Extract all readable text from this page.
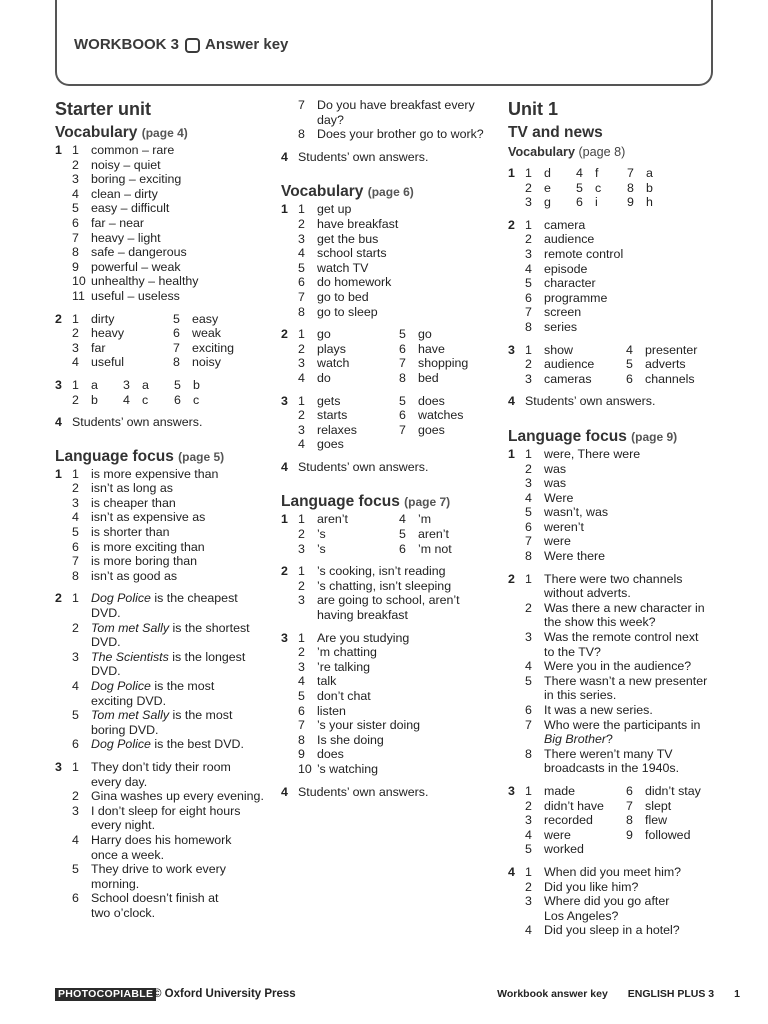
WORKBOOK 3 Answer key
Starter unit
Vocabulary (page 4)
1 1 common – rare
2 noisy – quiet
3 boring – exciting
4 clean – dirty
5 easy – difficult
6 far – near
7 heavy – light
8 safe – dangerous
9 powerful – weak
10 unhealthy – healthy
11 useful – useless
2 1 dirty	5 easy
2 heavy	6 weak
3 far	7 exciting
4 useful	8 noisy
3 1 a	3 a	5 b
2 b	4 c	6 c
4 Students’ own answers.
Language focus (page 5)
1 1 is more expensive than
2 isn’t as long as
3 is cheaper than
4 isn’t as expensive as
5 is shorter than
6 is more exciting than
7 is more boring than
8 isn’t as good as
2 1 Dog Police is the cheapest
DVD.
2 Tom met Sally is the shortest
DVD.
3 The Scientists is the longest
DVD.
4 Dog Police is the most
exciting DVD.
5 Tom met Sally is the most
boring DVD.
6 Dog Police is the best DVD.
3 1 They don’t tidy their room
every day.
2 Gina washes up every evening.
3 I don’t sleep for eight hours
every night.
4 Harry does his homework
once a week.
5 They drive to work every
morning.
6 School doesn’t finish at
two o’clock.
7 Do you have breakfast every
day?
8 Does your brother go to work?
4 Students’ own answers.
Vocabulary (page 6)
1 1 get up
2 have breakfast
3 get the bus
4 school starts
5 watch TV
6 do homework
7 go to bed
8 go to sleep
2 1 go	5 go
2 plays	6 have
3 watch	7 shopping
4 do	8 bed
3 1 gets	5 does
2 starts	6 watches
3 relaxes	7 goes
4 goes
4 Students’ own answers.
Language focus (page 7)
1 1 aren’t	4 ’m
2 ’s	5 aren’t
3 ’s	6 ’m not
2 1 ’s cooking, isn’t reading
2 ’s chatting, isn’t sleeping
3 are going to school, aren’t
having breakfast
3 1 Are you studying
2 ’m chatting
3 ’re talking
4 talk
5 don’t chat
6 listen
7 ’s your sister doing
8 Is she doing
9 does
10 ’s watching
4 Students’ own answers.
Unit 1
TV and news
Vocabulary (page 8)
1 1 d	4 f	7 a
2 e	5 c	8 b
3 g	6 i	9 h
2 1 camera
2 audience
3 remote control
4 episode
5 character
6 programme
7 screen
8 series
3 1 show	4 presenter
2 audience	5 adverts
3 cameras	6 channels
4 Students’ own answers.
Language focus (page 9)
1 1 were, There were
2 was
3 was
4 Were
5 wasn’t, was
6 weren’t
7 were
8 Were there
2 1 There were two channels
without adverts.
2 Was there a new character in
the show this week?
3 Was the remote control next
to the TV?
4 Were you in the audience?
5 There wasn’t a new presenter
in this series.
6 It was a new series.
7 Who were the participants in
Big Brother?
8 There weren’t many TV
broadcasts in the 1940s.
3 1 made	6 didn’t stay
2 didn’t have	7 slept
3 recorded	8 flew
4 were	9 followed
5 worked
4 1 When did you meet him?
2 Did you like him?
3 Where did you go after
Los Angeles?
4 Did you sleep in a hotel?
PHOTOCOPIABLE © Oxford University Press	Workbook answer key ENGLISH PLUS 3 1
